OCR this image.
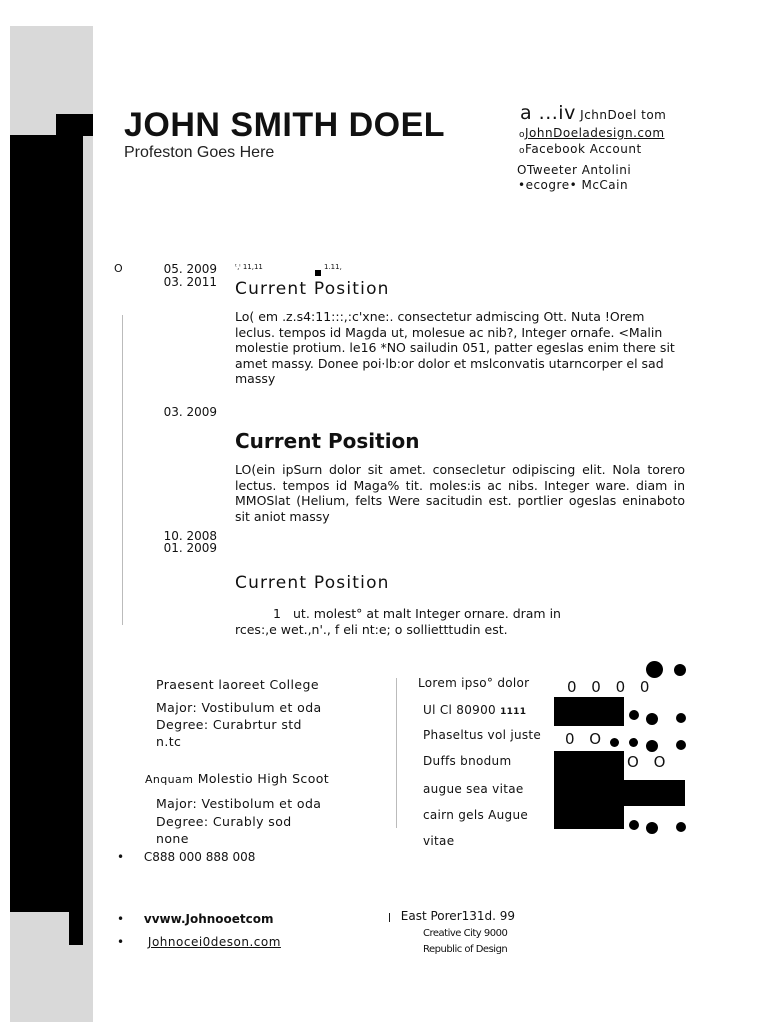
JOHN SMITH DOEL
Profeston Goes Here
a ...iv JchnDoel tom
oJohnDoeladesign.com
oFacebook Account
OTweeter Antolini
•ecogre• McCain
O	ᵗ,ᴵ 11,11	1.11,
05. 2009
03. 2011 Current Position
Lo( em .z.s4:11:::,:c'xne:. consectetur admiscing Ott. Nuta !Orem leclus. tempos id Magda ut, molesue ac nib?, Integer ornafe. <Malin molestie protium. le16 *NO sailudin 051, patter egeslas enim there sit amet massy. Donee poi·lb:or dolor et mslconvatis utarncorper el sad massy
03. 2009
Current Position
LO(ein ipSurn dolor sit amet. consecletur odipiscing elit. Nola torero lectus. tempos id Maga% tit. moles:is ac nibs. Integer ware. diam in MMOSlat (Helium, felts Were sacitudin est. portlier ogeslas eninaboto sit aniot massy
10. 2008
01. 2009
Current Position
1 ut. molest° at malt Integer ornare. dram in
rces:,e wet.,n'., f eli nt:e; o sollietttudin est.
Praesent laoreet College
Major: Vostibulum et oda
Degree: Curabrtur std
n.tc
Anquam Molestio High Scoot
Major: Vestibolum et oda
Degree: Curably sod
none
Lorem ipso° dolor
Ul Cl 80900 1111
Phaseltus vol juste
Duffs bnodum
augue sea vitae
cairn gels Augue
vitae
0 0 0 0
0 O
O O
• C888 000 888 008
• vvww.Johnooetcom
• Johnocei0deson.com
ǀ East Porer131d. 99
Creative City 9000
Republic of Design
